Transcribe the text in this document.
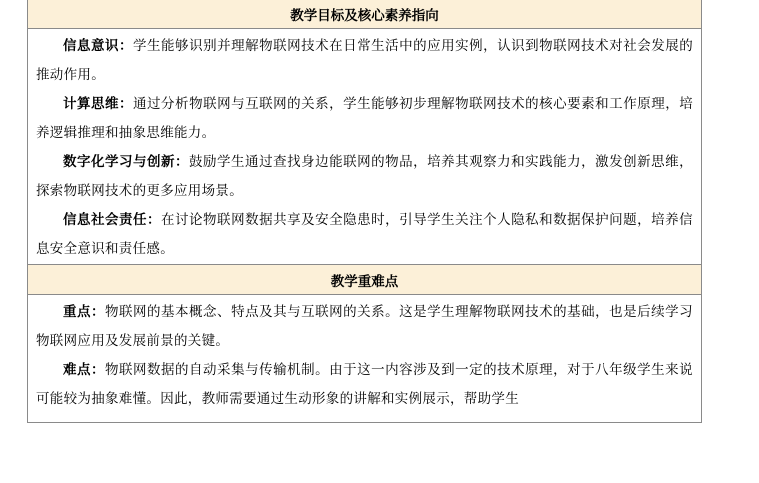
教学目标及核心素养指向

信息意识：学生能够识别并理解物联网技术在日常生活中的应用实例，认识到物联网技术对社会发展的推动作用。

计算思维：通过分析物联网与互联网的关系，学生能够初步理解物联网技术的核心要素和工作原理，培养逻辑推理和抽象思维能力。

数字化学习与创新：鼓励学生通过查找身边能联网的物品，培养其观察力和实践能力，激发创新思维，探索物联网技术的更多应用场景。

信息社会责任：在讨论物联网数据共享及安全隐患时，引导学生关注个人隐私和数据保护问题，培养信息安全意识和责任感。

教学重难点

重点：物联网的基本概念、特点及其与互联网的关系。这是学生理解物联网技术的基础，也是后续学习物联网应用及发展前景的关键。

难点：物联网数据的自动采集与传输机制。由于这一内容涉及到一定的技术原理，对于八年级学生来说可能较为抽象难懂。因此，教师需要通过生动形象的讲解和实例展示，帮助学生
